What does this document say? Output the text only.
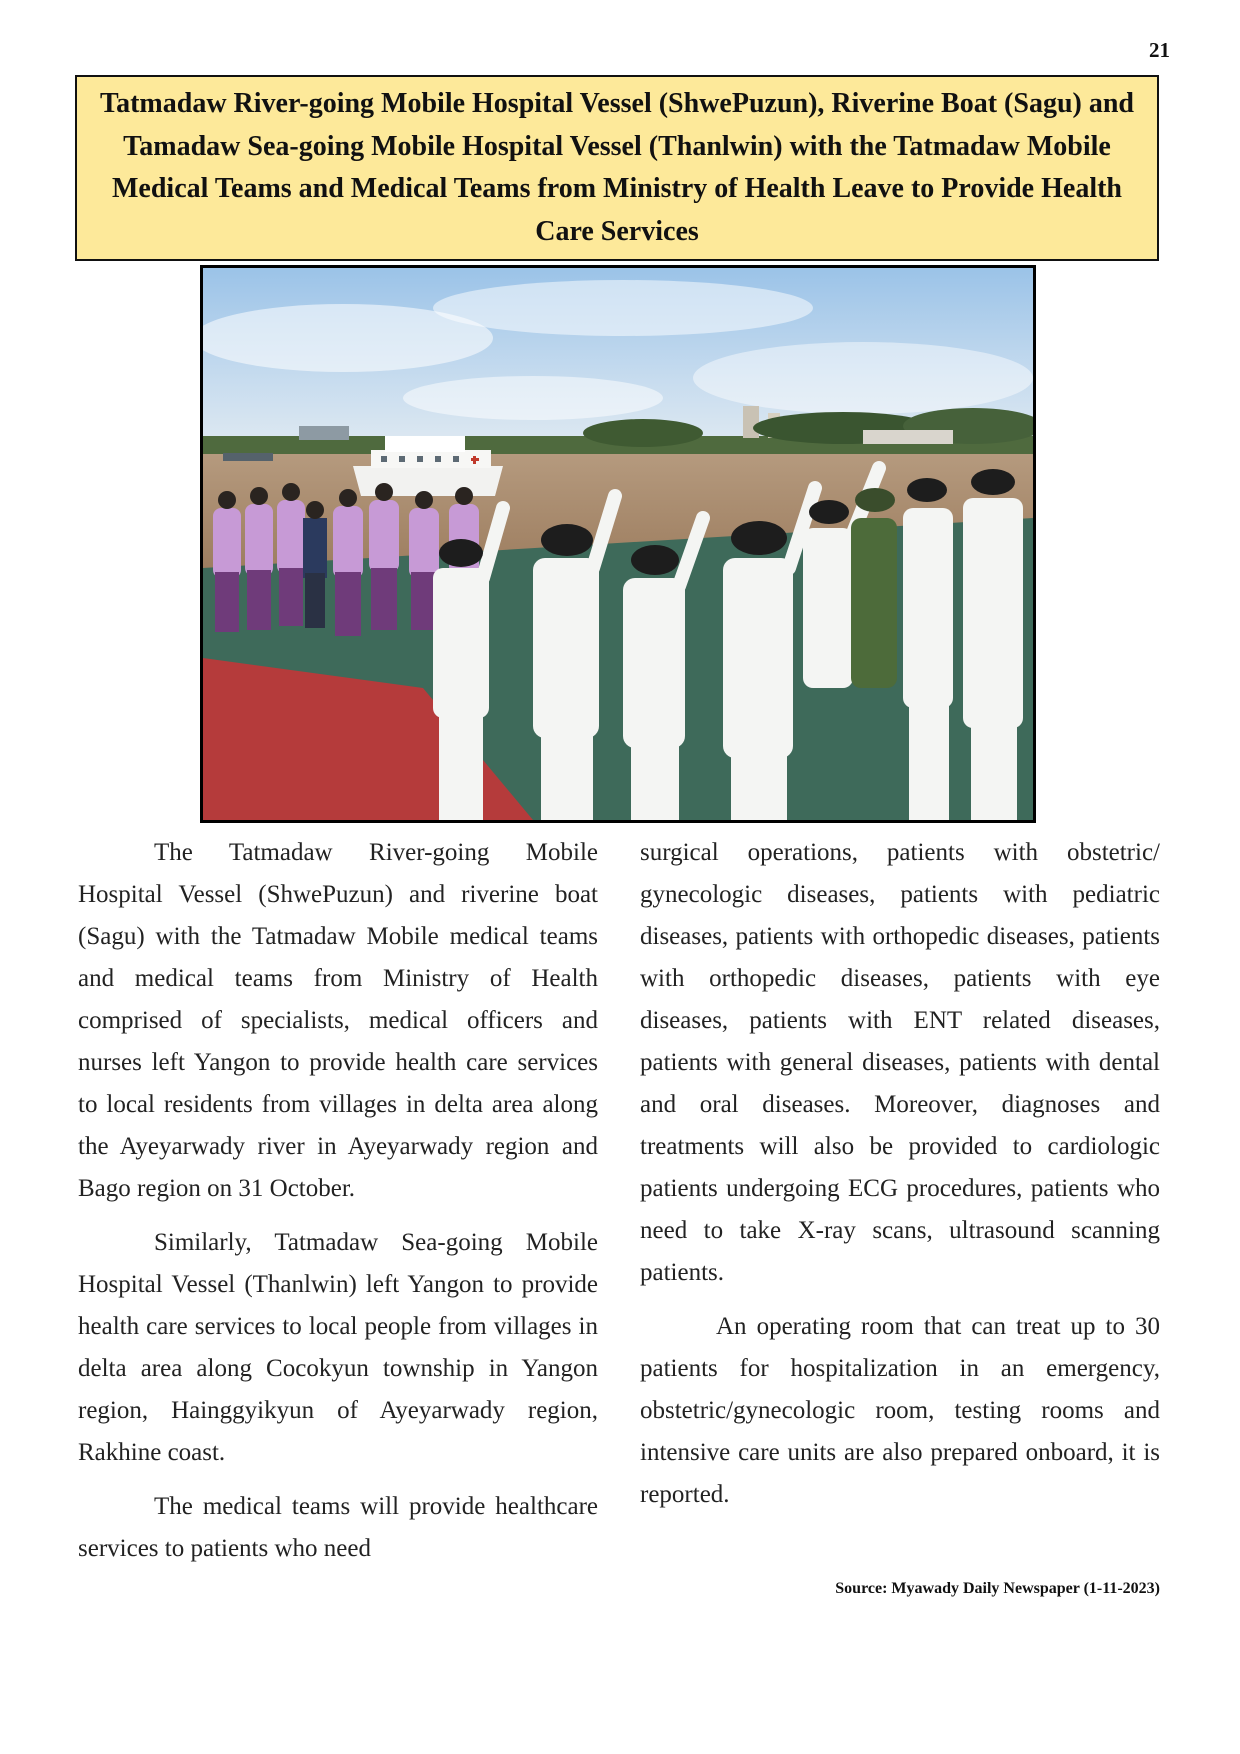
21
Tatmadaw River-going Mobile Hospital Vessel (ShwePuzun), Riverine Boat (Sagu) and Tamadaw Sea-going Mobile Hospital Vessel (Thanlwin) with the Tatmadaw Mobile Medical Teams and Medical Teams from Ministry of Health Leave to Provide Health Care Services

The Tatmadaw River-going Mobile Hospital Vessel (ShwePuzun) and riverine boat (Sagu) with the Tatmadaw Mobile medical teams and medical teams from Ministry of Health comprised of specialists, medical officers and nurses left Yangon to provide health care services to local residents from villages in delta area along the Ayeyarwady river in Ayeyarwady region and Bago region on 31 October.

Similarly, Tatmadaw Sea-going Mobile Hospital Vessel (Thanlwin) left Yangon to provide health care services to local people from villages in delta area along Cocokyun township in Yangon region, Hainggyikyun of Ayeyarwady region, Rakhine coast.

The medical teams will provide healthcare services to patients who need

surgical operations, patients with obstetric/ gynecologic diseases, patients with pediatric diseases, patients with orthopedic diseases, patients with orthopedic diseases, patients with eye diseases, patients with ENT related diseases, patients with general diseases, patients with dental and oral diseases. Moreover, diagnoses and treatments will also be provided to cardiologic patients undergoing ECG procedures, patients who need to take X-ray scans, ultrasound scanning patients.

An operating room that can treat up to 30 patients for hospitalization in an emergency, obstetric/gynecologic room, testing rooms and intensive care units are also prepared onboard, it is reported.

Source: Myawady Daily Newspaper (1-11-2023)
